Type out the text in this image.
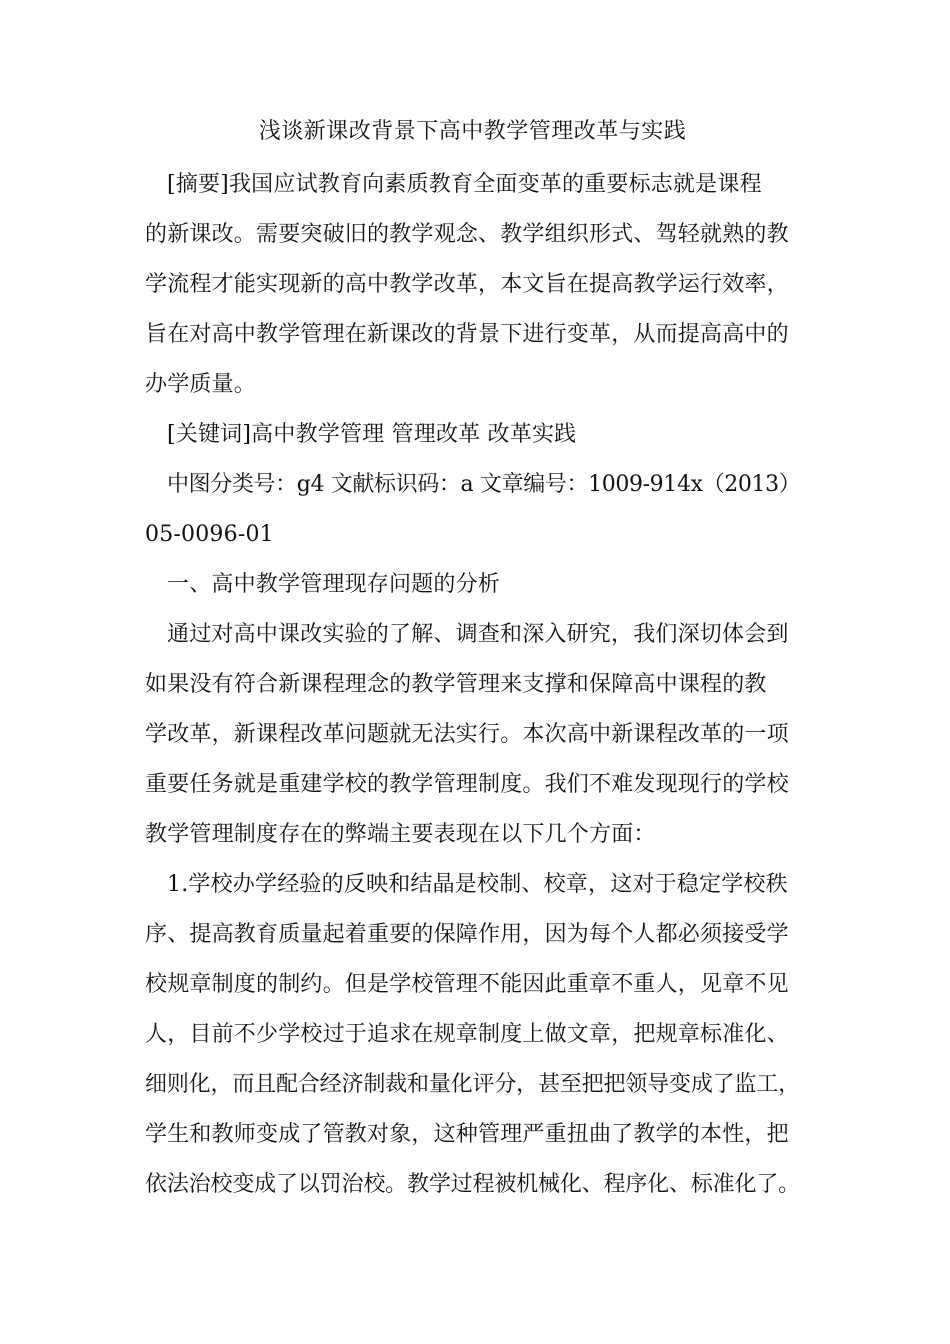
浅谈新课改背景下高中教学管理改革与实践
[摘要]我国应试教育向素质教育全面变革的重要标志就是课程
的新课改。需要突破旧的教学观念、教学组织形式、驾轻就熟的教
学流程才能实现新的高中教学改革，本文旨在提高教学运行效率，
旨在对高中教学管理在新课改的背景下进行变革，从而提高高中的
办学质量。
[关键词]高中教学管理 管理改革 改革实践
中图分类号：g4 文献标识码：a 文章编号：1009-914x（2013）
05-0096-01
一、高中教学管理现存问题的分析
通过对高中课改实验的了解、调查和深入研究，我们深切体会到
如果没有符合新课程理念的教学管理来支撑和保障高中课程的教
学改革，新课程改革问题就无法实行。本次高中新课程改革的一项
重要任务就是重建学校的教学管理制度。我们不难发现现行的学校
教学管理制度存在的弊端主要表现在以下几个方面：
1.学校办学经验的反映和结晶是校制、校章，这对于稳定学校秩
序、提高教育质量起着重要的保障作用，因为每个人都必须接受学
校规章制度的制约。但是学校管理不能因此重章不重人，见章不见
人，目前不少学校过于追求在规章制度上做文章，把规章标准化、
细则化，而且配合经济制裁和量化评分，甚至把把领导变成了监工，
学生和教师变成了管教对象，这种管理严重扭曲了教学的本性，把
依法治校变成了以罚治校。教学过程被机械化、程序化、标准化了。
